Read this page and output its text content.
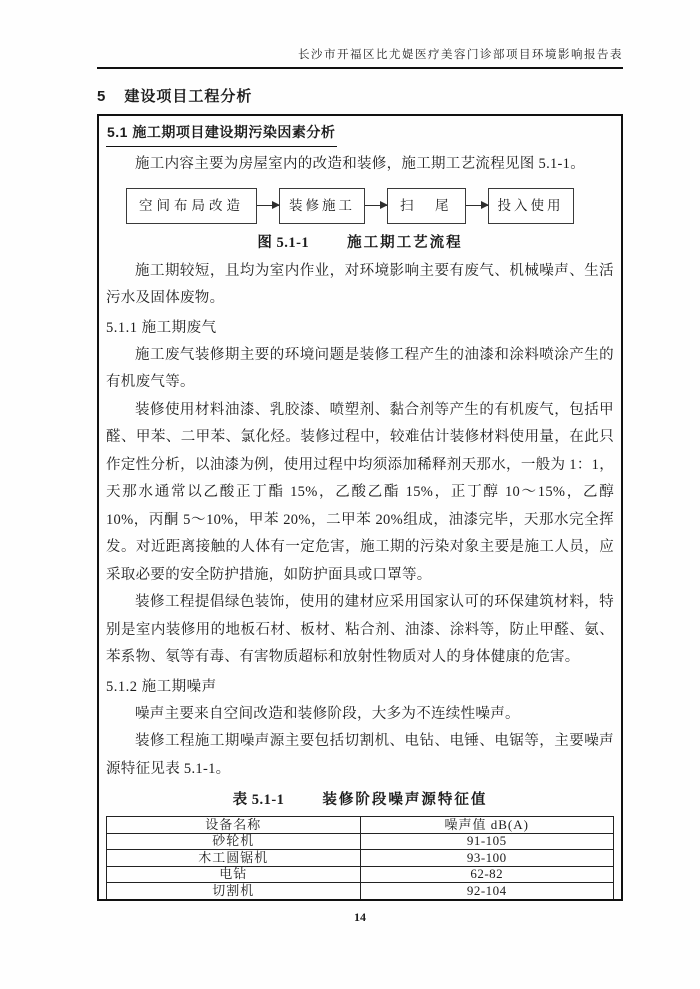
长沙市开福区比尤媞医疗美容门诊部项目环境影响报告表
5 建设项目工程分析
5.1 施工期项目建设期污染因素分析
施工内容主要为房屋室内的改造和装修，施工期工艺流程见图 5.1-1。
空间布局改造	装修施工	扫　尾	投入使用
图 5.1-1	施工期工艺流程
施工期较短，且均为室内作业，对环境影响主要有废气、机械噪声、生活污水及固体废物。
5.1.1 施工期废气
施工废气装修期主要的环境问题是装修工程产生的油漆和涂料喷涂产生的有机废气等。
装修使用材料油漆、乳胶漆、喷塑剂、黏合剂等产生的有机废气，包括甲醛、甲苯、二甲苯、氯化烃。装修过程中，较难估计装修材料使用量，在此只作定性分析，以油漆为例，使用过程中均须添加稀释剂天那水，一般为 1：1，天那水通常以乙酸正丁酯 15%，乙酸乙酯 15%，正丁醇 10～15%，乙醇 10%，丙酮 5～10%，甲苯 20%，二甲苯 20%组成，油漆完毕，天那水完全挥发。对近距离接触的人体有一定危害，施工期的污染对象主要是施工人员，应采取必要的安全防护措施，如防护面具或口罩等。
装修工程提倡绿色装饰，使用的建材应采用国家认可的环保建筑材料，特别是室内装修用的地板石材、板材、粘合剂、油漆、涂料等，防止甲醛、氨、苯系物、氡等有毒、有害物质超标和放射性物质对人的身体健康的危害。
5.1.2 施工期噪声
噪声主要来自空间改造和装修阶段，大多为不连续性噪声。
装修工程施工期噪声源主要包括切割机、电钻、电锤、电锯等，主要噪声源特征见表 5.1-1。
表 5.1-1	装修阶段噪声源特征值
设备名称	噪声值 dB(A)
砂轮机	91-105
木工圆锯机	93-100
电钻	62-82
切割机	92-104
14
